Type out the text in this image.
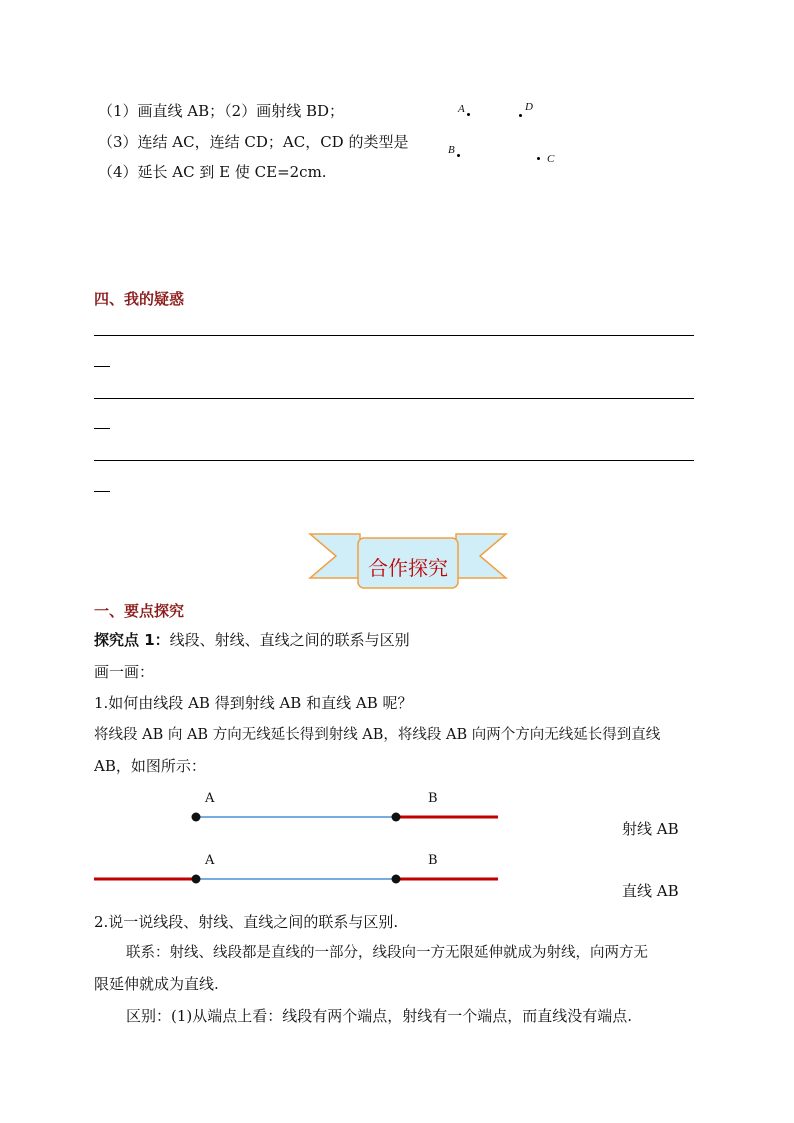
（1）画直线 AB；（2）画射线 BD；
（3）连结 AC，连结 CD；AC，CD 的类型是
（4）延长 AC 到 E 使 CE=2cm.
A	D
B
C
四、我的疑惑
合作探究
一、要点探究
探究点 1：线段、射线、直线之间的联系与区别
画一画：
1.如何由线段 AB 得到射线 AB 和直线 AB 呢？
将线段 AB 向 AB 方向无线延长得到射线 AB，将线段 AB 向两个方向无线延长得到直线
AB，如图所示：
A	B
射线 AB
A	B
直线 AB
2.说一说线段、射线、直线之间的联系与区别.
联系：射线、线段都是直线的一部分，线段向一方无限延伸就成为射线，向两方无
限延伸就成为直线.
区别：(1)从端点上看：线段有两个端点，射线有一个端点，而直线没有端点.
